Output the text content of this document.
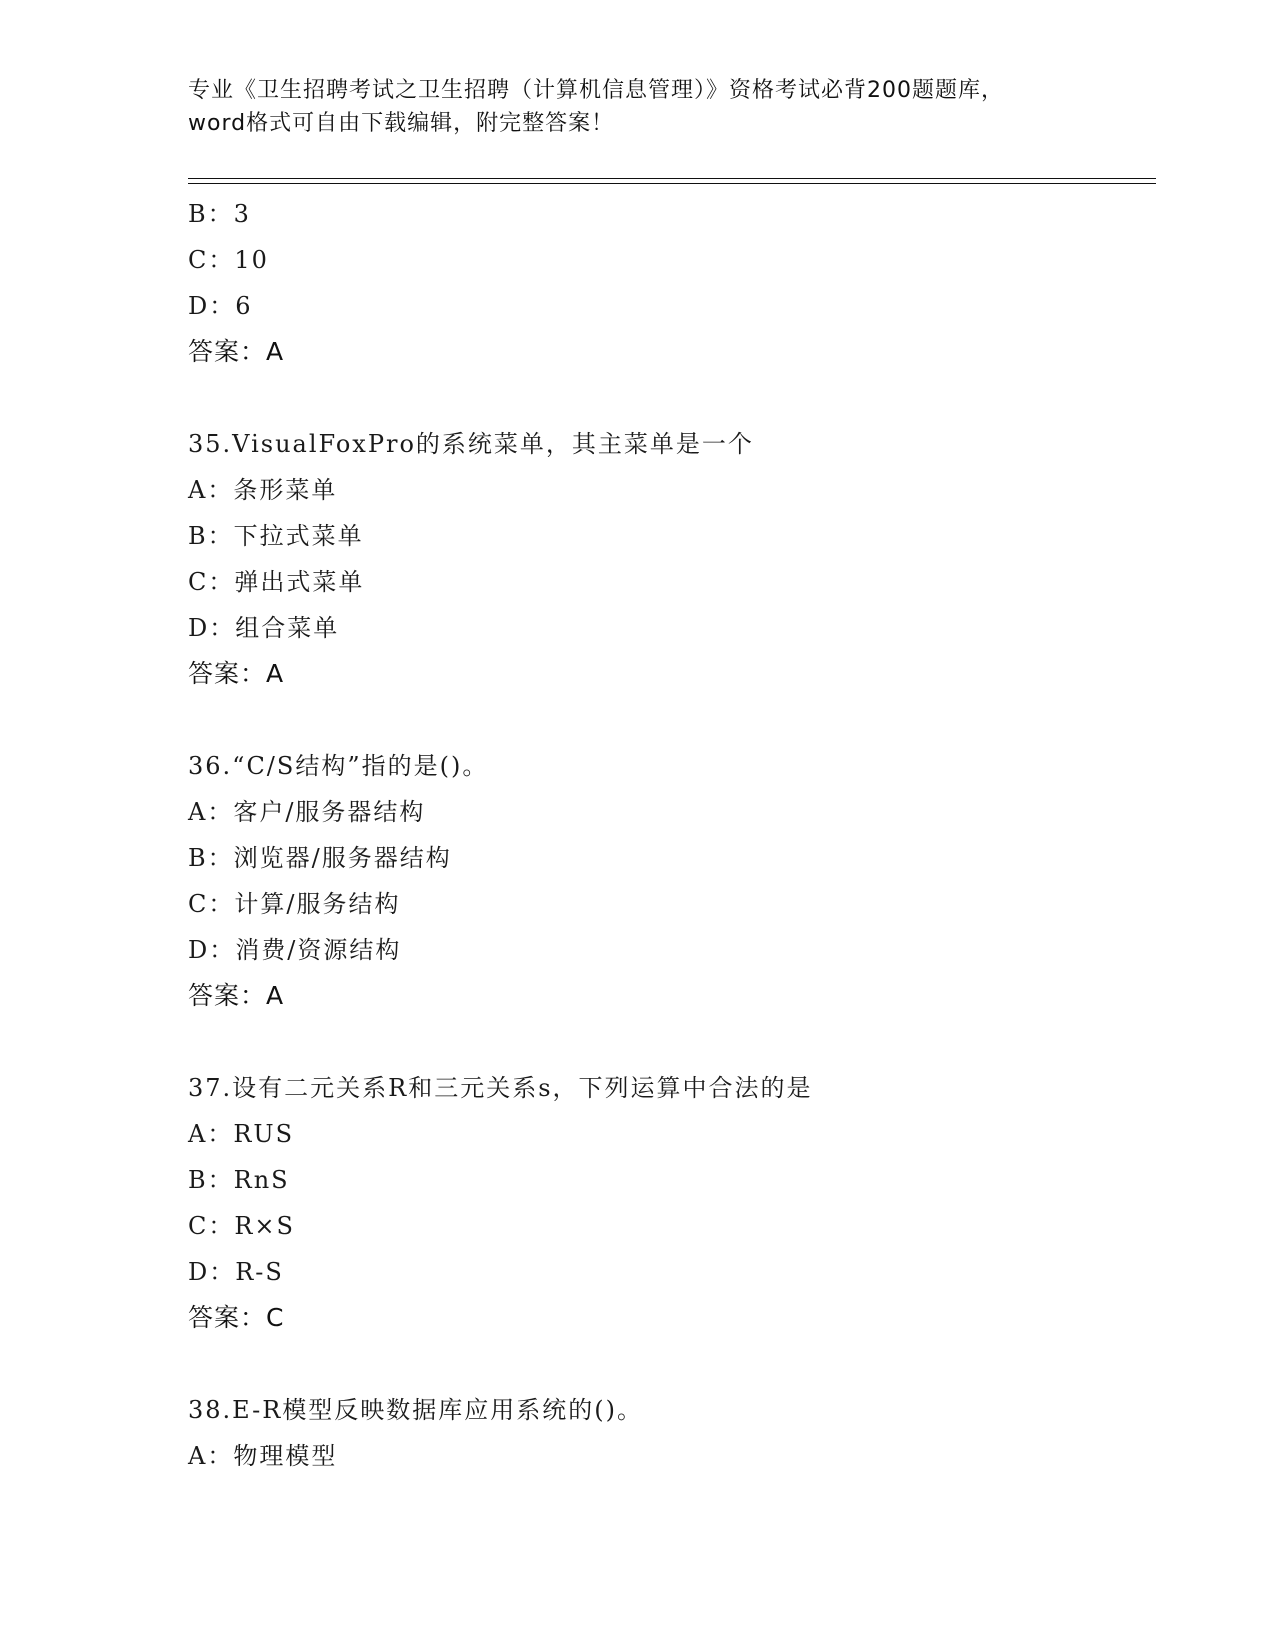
专业《卫生招聘考试之卫生招聘（计算机信息管理）》资格考试必背200题题库，
word格式可自由下载编辑，附完整答案！
B：3
C：10
D：6
答案：A
35.VisualFoxPro的系统菜单，其主菜单是一个
A：条形菜单
B：下拉式菜单
C：弹出式菜单
D：组合菜单
答案：A
36.“C/S结构”指的是()。
A：客户/服务器结构
B：浏览器/服务器结构
C：计算/服务结构
D：消费/资源结构
答案：A
37.设有二元关系R和三元关系s，下列运算中合法的是
A：RUS
B：RnS
C：R×S
D：R-S
答案：C
38.E-R模型反映数据库应用系统的()。
A：物理模型
